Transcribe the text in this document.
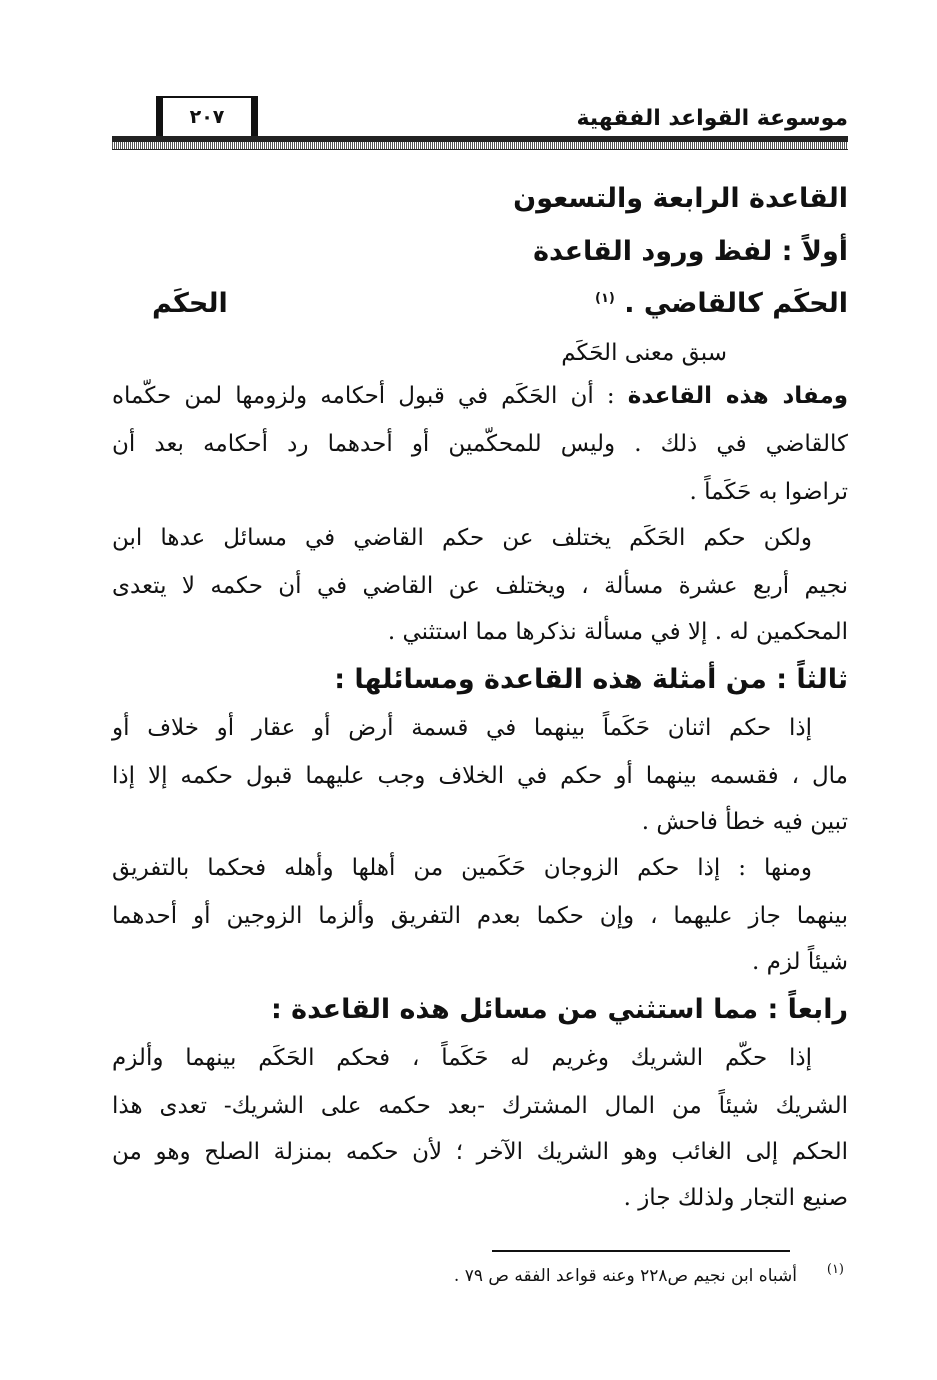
موسوعة القواعد الفقهية
٢٠٧
القاعدة الرابعة والتسعون
أولاً : لفظ ورود القاعدة
الحكَم كالقاضي . $^{(١)}$
الحكَم
سبق معنى الحَكَم
ومفاد هذه القاعدة : أن الحَكَم في قبول أحكامه ولزومها لمن حكّماه
كالقاضي في ذلك . وليس للمحكّمين أو أحدهما رد أحكامه بعد أن
تراضوا به حَكَماً .
ولكن حكم الحَكَم يختلف عن حكم القاضي في مسائل عدها ابن
نجيم أربع عشرة مسألة ، ويختلف عن القاضي في أن حكمه لا يتعدى
المحكمين له . إلا في مسألة نذكرها مما استثني .
ثالثاً : من أمثلة هذه القاعدة ومسائلها :
إذا حكم اثنان حَكَماً بينهما في قسمة أرض أو عقار أو خلاف أو
مال ، فقسمه بينهما أو حكم في الخلاف وجب عليهما قبول حكمه إلا إذا
تبين فيه خطأ فاحش .
ومنها : إذا حكم الزوجان حَكَمين من أهلها وأهله فحكما بالتفريق
بينهما جاز عليهما ، وإن حكما بعدم التفريق وألزما الزوجين أو أحدهما
شيئاً لزم .
رابعاً : مما استثني من مسائل هذه القاعدة :
إذا حكّم الشريك وغريم له حَكَماً ، فحكم الحَكَم بينهما وألزم
الشريك شيئاً من المال المشترك -بعد حكمه على الشريك- تعدى هذا
الحكم إلى الغائب وهو الشريك الآخر ؛ لأن حكمه بمنزلة الصلح وهو من
صنيع التجار ولذلك جاز .
(١)
أشباه ابن نجيم ص٢٢٨ وعنه قواعد الفقه ص ٧٩ .
